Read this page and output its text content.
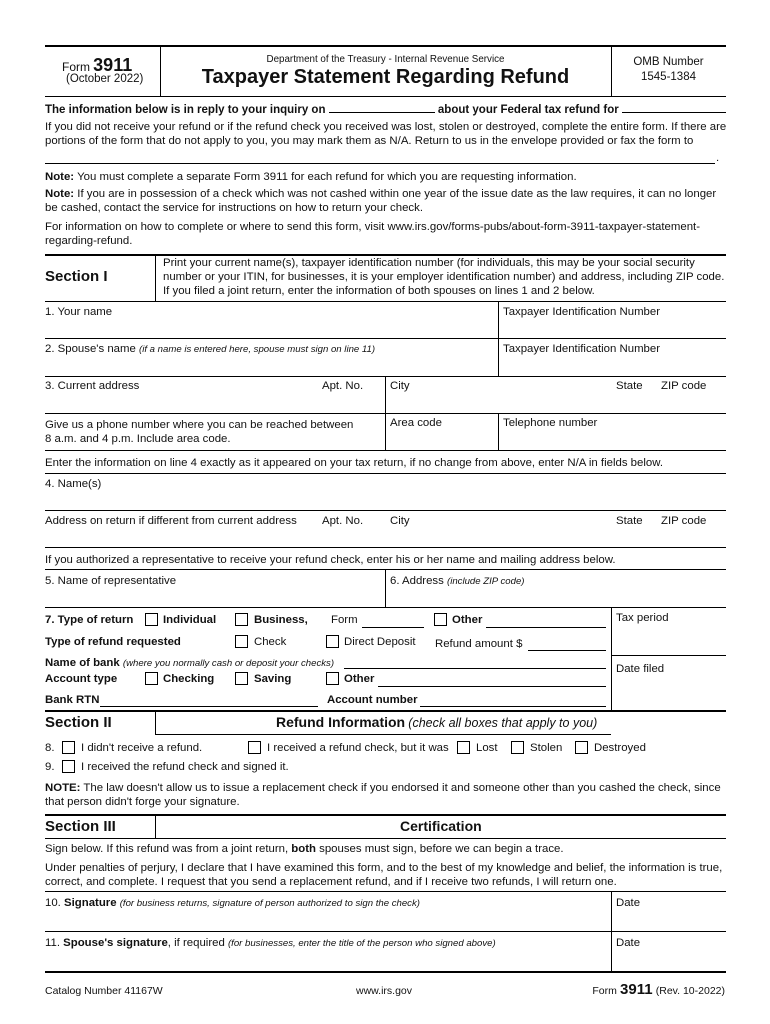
Form 3911
(October 2022)
Department of the Treasury - Internal Revenue Service
Taxpayer Statement Regarding Refund
OMB Number
1545-1384
The information below is in reply to your inquiry on	about your Federal tax refund for
If you did not receive your refund or if the refund check you received was lost, stolen or destroyed, complete the entire form. If there are
portions of the form that do not apply to you, you may mark them as N/A. Return to us in the envelope provided or fax the form to
.
Note: You must complete a separate Form 3911 for each refund for which you are requesting information.
Note: If you are in possession of a check which was not cashed within one year of the issue date as the law requires, it can no longer
be cashed, contact the service for instructions on how to return your check.
For information on how to complete or where to send this form, visit www.irs.gov/forms-pubs/about-form-3911-taxpayer-statement-
regarding-refund.
Section I
Print your current name(s), taxpayer identification number (for individuals, this may be your social security
number or your ITIN, for businesses, it is your employer identification number) and address, including ZIP code.
If you filed a joint return, enter the information of both spouses on lines 1 and 2 below.
1. Your name	Taxpayer Identification Number
2. Spouse's name (if a name is entered here, spouse must sign on line 11)	Taxpayer Identification Number
3. Current address	Apt. No. City	State ZIP code
Give us a phone number where you can be reached between
8 a.m. and 4 p.m. Include area code.
Area code	Telephone number
Enter the information on line 4 exactly as it appeared on your tax return, if no change from above, enter N/A in fields below.
4. Name(s)
Address on return if different from current address Apt. No. City	State ZIP code
If you authorized a representative to receive your refund check, enter his or her name and mailing address below.
5. Name of representative	6. Address (include ZIP code)
7. Type of return	Individual	Business, Form	Other	Tax period
Date filed
Type of refund requested	Check	Direct Deposit Refund amount $
Name of bank (where you normally cash or deposit your checks)
Account type	Checking	Saving	Other
Bank RTN	Account number
Section II	Refund Information (check all boxes that apply to you)
8. I didn't receive a refund.	I received a refund check, but it was Lost	Stolen	Destroyed
9. I received the refund check and signed it.
NOTE: The law doesn't allow us to issue a replacement check if you endorsed it and someone other than you cashed the check, since
that person didn't forge your signature.
Section III	Certification
Sign below. If this refund was from a joint return, both spouses must sign, before we can begin a trace.
Under penalties of perjury, I declare that I have examined this form, and to the best of my knowledge and belief, the information is true,
correct, and complete. I request that you send a replacement refund, and if I receive two refunds, I will return one.
10. Signature (for business returns, signature of person authorized to sign the check)	Date
11. Spouse's signature, if required (for businesses, enter the title of the person who signed above)	Date
Catalog Number 41167W	www.irs.gov	Form 3911 (Rev. 10-2022)
